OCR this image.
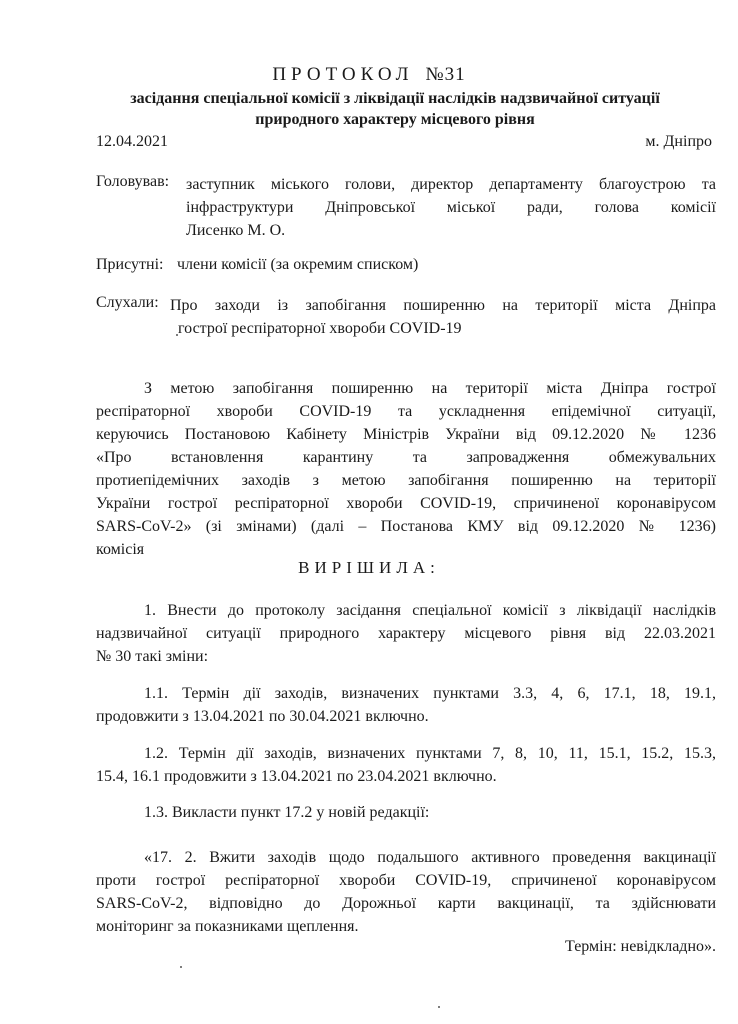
ПРОТОКОЛ №31
засідання спеціальної комісії з ліквідації наслідків надзвичайної ситуації
природного характеру місцевого рівня
12.04.2021	м. Дніпро
Головував: заступник міського голови, директор департаменту благоустрою та
інфраструктури Дніпровської міської ради, голова комісії
Лисенко М. О.
Присутні: члени комісії (за окремим списком)
Слухали: Про заходи із запобігання поширенню на території міста Дніпра
гострої респіраторної хвороби COVID-19
З метою запобігання поширенню на території міста Дніпра гострої
респіраторної хвороби COVID-19 та ускладнення епідемічної ситуації,
керуючись Постановою Кабінету Міністрів України від 09.12.2020 № 1236
«Про встановлення карантину та запровадження обмежувальних
протиепідемічних заходів з метою запобігання поширенню на території
України гострої респіраторної хвороби COVID-19, спричиненої коронавірусом
SARS-CoV-2» (зі змінами) (далі – Постанова КМУ від 09.12.2020 № 1236)
комісія
ВИРІШИЛА:
1. Внести до протоколу засідання спеціальної комісії з ліквідації наслідків
надзвичайної ситуації природного характеру місцевого рівня від 22.03.2021
№ 30 такі зміни:
1.1. Термін дії заходів, визначених пунктами 3.3, 4, 6, 17.1, 18, 19.1,
продовжити з 13.04.2021 по 30.04.2021 включно.
1.2. Термін дії заходів, визначених пунктами 7, 8, 10, 11, 15.1, 15.2, 15.3,
15.4, 16.1 продовжити з 13.04.2021 по 23.04.2021 включно.
1.3. Викласти пункт 17.2 у новій редакції:
«17. 2. Вжити заходів щодо подальшого активного проведення вакцинації
проти гострої респіраторної хвороби COVID-19, спричиненої коронавірусом
SARS-CoV-2, відповідно до Дорожньої карти вакцинації, та здійснювати
моніторинг за показниками щеплення.
Термін: невідкладно».
